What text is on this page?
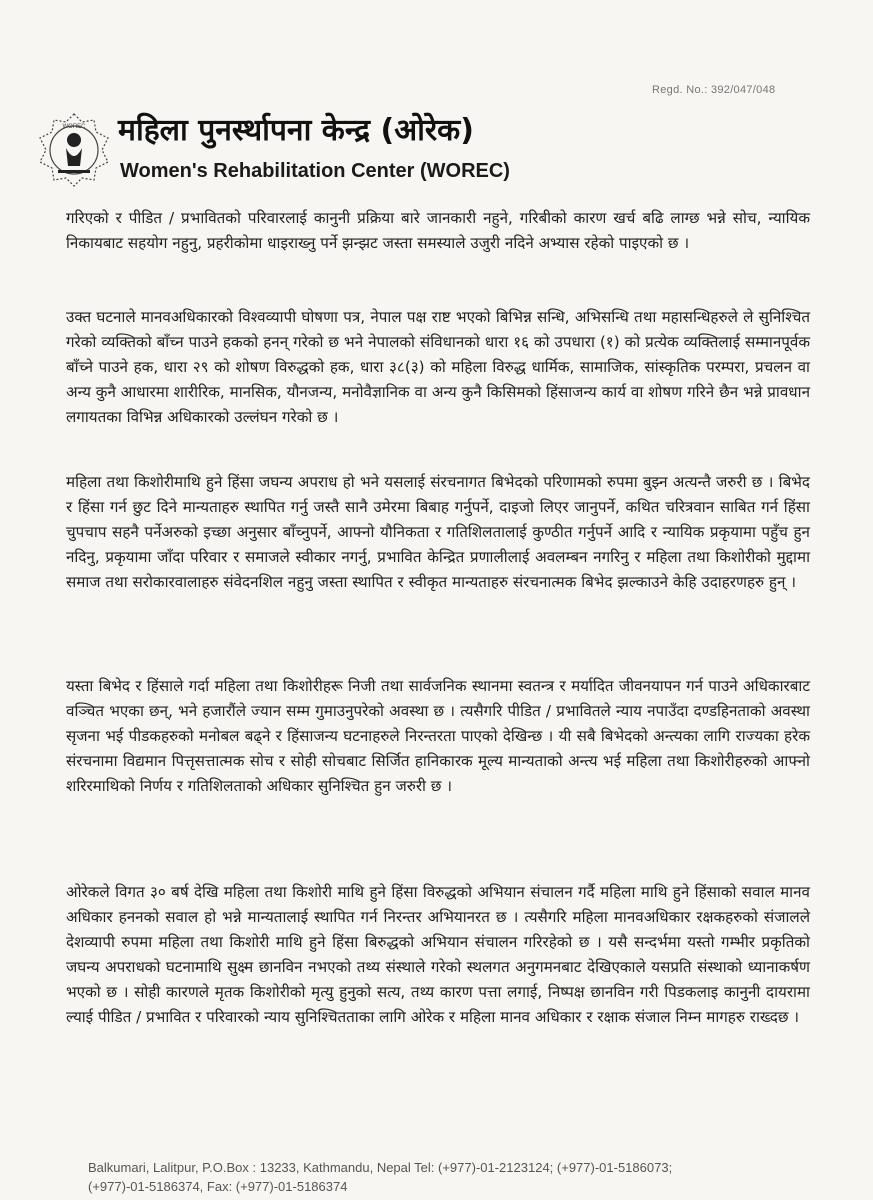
Regd. No.: 392/047/048
WOREC महिला पुनर्स्थापना केन्द्र (ओरेक)
Women's Rehabilitation Center (WOREC)

गरिएको र पीडित / प्रभावितको परिवारलाई कानुनी प्रक्रिया बारे जानकारी नहुने, गरिबीको कारण खर्च बढि लाग्छ भन्ने सोच, न्यायिक निकायबाट सहयोग नहुनु, प्रहरीकोमा धाइराख्नु पर्ने झन्झट जस्ता समस्याले उजुरी नदिने अभ्यास रहेको पाइएको छ ।

उक्त घटनाले मानवअधिकारको विश्वव्यापी घोषणा पत्र, नेपाल पक्ष राष्ट भएको बिभिन्न सन्धि, अभिसन्धि तथा महासन्धिहरुले ले सुनिश्चित गरेको व्यक्तिको बाँच्न पाउने हकको हनन् गरेको छ भने नेपालको संविधानको धारा १६ को उपधारा (१) को प्रत्येक व्यक्तिलाई सम्मानपूर्वक बाँच्ने पाउने हक, धारा २९ को शोषण विरुद्धको हक, धारा ३८(३) को महिला विरुद्ध धार्मिक, सामाजिक, सांस्कृतिक परम्परा, प्रचलन वा अन्य कुनै आधारमा शारीरिक, मानसिक, यौनजन्य, मनोवैज्ञानिक वा अन्य कुनै किसिमको हिंसाजन्य कार्य वा शोषण गरिने छैन भन्ने प्रावधान लगायतका विभिन्न अधिकारको उल्लंघन गरेको छ ।

महिला तथा किशोरीमाथि हुने हिंसा जघन्य अपराध हो भने यसलाई संरचनागत बिभेदको परिणामको रुपमा बुझ्न अत्यन्तै जरुरी छ । बिभेद र हिंसा गर्न छुट दिने मान्यताहरु स्थापित गर्नु जस्तै सानै उमेरमा बिबाह गर्नुपर्ने, दाइजो लिएर जानुपर्ने, कथित चरित्रवान साबित गर्न हिंसा चुपचाप सहनै पर्नेअरुको इच्छा अनुसार बाँच्नुपर्ने, आफ्नो यौनिकता र गतिशिलतालाई कुण्ठीत गर्नुपर्ने आदि र न्यायिक प्रकृयामा पहुँच हुन नदिनु, प्रकृयामा जाँदा परिवार र समाजले स्वीकार नगर्नु, प्रभावित केन्द्रित प्रणालीलाई अवलम्बन नगरिनु र महिला तथा किशोरीको मुद्दामा समाज तथा सरोकारवालाहरु संवेदनशिल नहुनु जस्ता स्थापित र स्वीकृत मान्यताहरु संरचनात्मक बिभेद झल्काउने केहि उदाहरणहरु हुन् ।

यस्ता बिभेद र हिंसाले गर्दा महिला तथा किशोरीहरू निजी तथा सार्वजनिक स्थानमा स्वतन्त्र र मर्यादित जीवनयापन गर्न पाउने अधिकारबाट वञ्चित भएका छन्, भने हजारौंले ज्यान सम्म गुमाउनुपरेको अवस्था छ । त्यसैगरि पीडित / प्रभावितले न्याय नपाउँदा दण्डहिनताको अवस्था सृजना भई पीडकहरुको मनोबल बढ्ने र हिंसाजन्य घटनाहरुले निरन्तरता पाएको देखिन्छ । यी सबै बिभेदको अन्त्यका लागि राज्यका हरेक संरचनामा विद्यमान पित्तृसत्तात्मक सोच र सोही सोचबाट सिर्जित हानिकारक मूल्य मान्यताको अन्त्य भई महिला तथा किशोरीहरुको आफ्नो शरिरमाथिको निर्णय र गतिशिलताको अधिकार सुनिश्चित हुन जरुरी छ ।

ओरेकले विगत ३० बर्ष देखि महिला तथा किशोरी माथि हुने हिंसा विरुद्धको अभियान संचालन गर्दै महिला माथि हुने हिंसाको सवाल मानव अधिकार हननको सवाल हो भन्ने मान्यतालाई स्थापित गर्न निरन्तर अभियानरत छ । त्यसैगरि महिला मानवअधिकार रक्षकहरुको संजालले देशव्यापी रुपमा महिला तथा किशोरी माथि हुने हिंसा बिरुद्धको अभियान संचालन गरिरहेको छ । यसै सन्दर्भमा यस्तो गम्भीर प्रकृतिको जघन्य अपराधको घटनामाथि सुक्ष्म छानविन नभएको तथ्य संस्थाले गरेको स्थलगत अनुगमनबाट देखिएकाले यसप्रति संस्थाको ध्यानाकर्षण भएको छ । सोही कारणले मृतक किशोरीको मृत्यु हुनुको सत्य, तथ्य कारण पत्ता लगाई, निष्पक्ष छानविन गरी पिडकलाइ कानुनी दायरामा ल्याई पीडित / प्रभावित र परिवारको न्याय सुनिश्चितताका लागि ओरेक र महिला मानव अधिकार र रक्षाक संजाल निम्न मागहरु राख्दछ ।

Balkumari, Lalitpur, P.O.Box : 13233, Kathmandu, Nepal Tel: (+977)-01-2123124; (+977)-01-5186073;
(+977)-01-5186374, Fax: (+977)-01-5186374
